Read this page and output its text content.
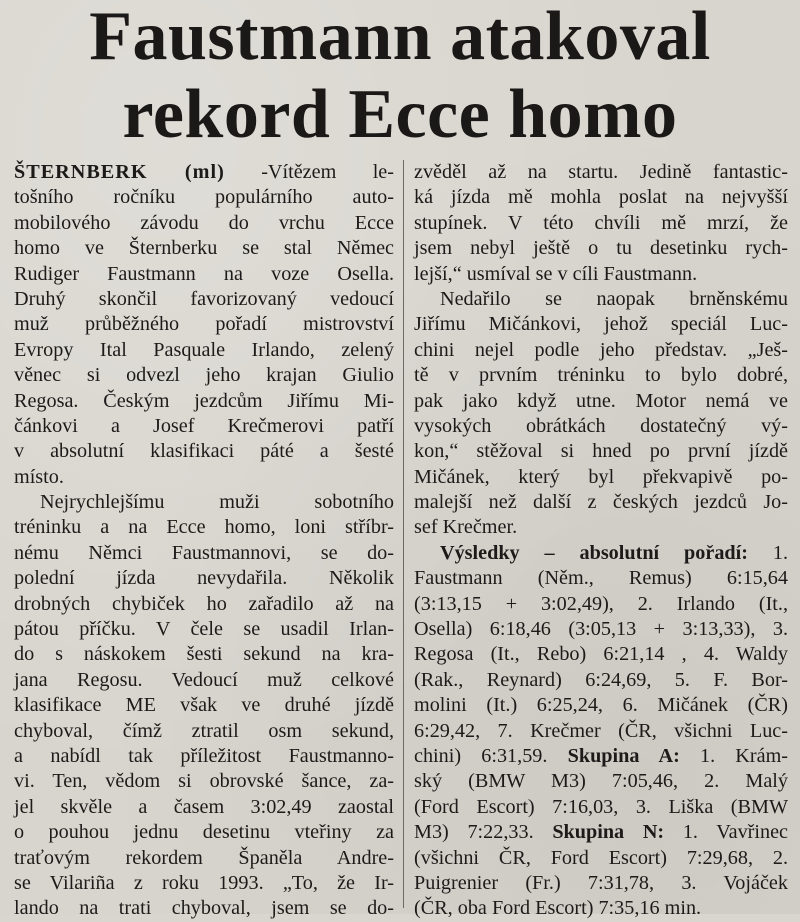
Faustmann atakoval
rekord Ecce homo
ŠTERNBERK (ml) -Vítězem le-
tošního ročníku populárního auto-
mobilového závodu do vrchu Ecce
homo ve Šternberku se stal Němec
Rudiger Faustmann na voze Osella.
Druhý skončil favorizovaný vedoucí
muž průběžného pořadí mistrovství
Evropy Ital Pasquale Irlando, zelený
věnec si odvezl jeho krajan Giulio
Regosa. Českým jezdcům Jiřímu Mi-
čánkovi a Josef Krečmerovi patří
v absolutní klasifikaci páté a šesté
místo.
Nejrychlejšímu muži sobotního
tréninku a na Ecce homo, loni stříbr-
nému Němci Faustmannovi, se do-
polední jízda nevydařila. Několik
drobných chybiček ho zařadilo až na
pátou příčku. V čele se usadil Irlan-
do s náskokem šesti sekund na kra-
jana Regosu. Vedoucí muž celkové
klasifikace ME však ve druhé jízdě
chyboval, čímž ztratil osm sekund,
a nabídl tak příležitost Faustmanno-
vi. Ten, vědom si obrovské šance, za-
jel skvěle a časem 3:02,49 zaostal
o pouhou jednu desetinu vteřiny za
traťovým rekordem Španěla Andre-
se Vilariña z roku 1993. „To, že Ir-
lando na trati chyboval, jsem se do-
zvěděl až na startu. Jedině fantastic-
ká jízda mě mohla poslat na nejvyšší
stupínek. V této chvíli mě mrzí, že
jsem nebyl ještě o tu desetinku rych-
lejší,“ usmíval se v cíli Faustmann.
Nedařilo se naopak brněnskému
Jiřímu Mičánkovi, jehož speciál Luc-
chini nejel podle jeho představ. „Ješ-
tě v prvním tréninku to bylo dobré,
pak jako když utne. Motor nemá ve
vysokých obrátkách dostatečný vý-
kon,“ stěžoval si hned po první jízdě
Mičánek, který byl překvapivě po-
malejší než další z českých jezdců Jo-
sef Krečmer.
Výsledky – absolutní pořadí: 1.
Faustmann (Něm., Remus) 6:15,64
(3:13,15 + 3:02,49), 2. Irlando (It.,
Osella) 6:18,46 (3:05,13 + 3:13,33), 3.
Regosa (It., Rebo) 6:21,14 , 4. Waldy
(Rak., Reynard) 6:24,69, 5. F. Bor-
molini (It.) 6:25,24, 6. Mičánek (ČR)
6:29,42, 7. Krečmer (ČR, všichni Luc-
chini) 6:31,59. Skupina A: 1. Krám-
ský (BMW M3) 7:05,46, 2. Malý
(Ford Escort) 7:16,03, 3. Liška (BMW
M3) 7:22,33. Skupina N: 1. Vavřinec
(všichni ČR, Ford Escort) 7:29,68, 2.
Puigrenier (Fr.) 7:31,78, 3. Vojáček
(ČR, oba Ford Escort) 7:35,16 min.
